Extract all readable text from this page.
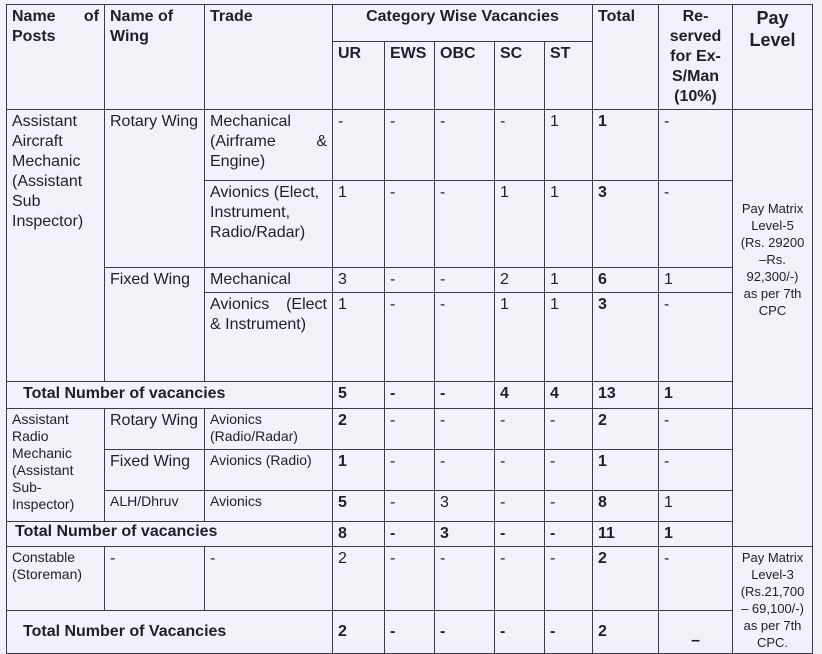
Name of Posts	Name of Wing	Trade	Category Wise Vacancies					Total	Re-served for Ex-S/Man (10%)	Pay Level
			UR	EWS	OBC	SC	ST			
Assistant Aircraft Mechanic (Assistant Sub Inspector)	Rotary Wing	Mechanical (Airframe & Engine)	-	-	-	-	1	1	-	Pay Matrix Level-5 (Rs. 29200 –Rs. 92,300/-) as per 7th CPC
		Avionics (Elect, Instrument, Radio/Radar)	1	-	-	1	1	3	-	
	Fixed Wing	Mechanical	3	-	-	2	1	6	1	
		Avionics (Elect & Instrument)	1	-	-	1	1	3	-	
Total Number of vacancies			5	-	-	4	4	13	1	
Assistant Radio Mechanic (Assistant Sub-Inspector)	Rotary Wing	Avionics (Radio/Radar)	2	-	-	-	-	2	-	
	Fixed Wing	Avionics (Radio)	1	-	-	-	-	1	-	
	ALH/Dhruv	Avionics	5	-	3	-	-	8	1	
Total Number of vacancies			8	-	3	-	-	11	1	
Constable (Storeman)	-	-	2	-	-	-	-	2	-	Pay Matrix Level-3 (Rs.21,700 – 69,100/-) as per 7th CPC.
Total Number of Vacancies			2	-	-	-	-	2	–	
